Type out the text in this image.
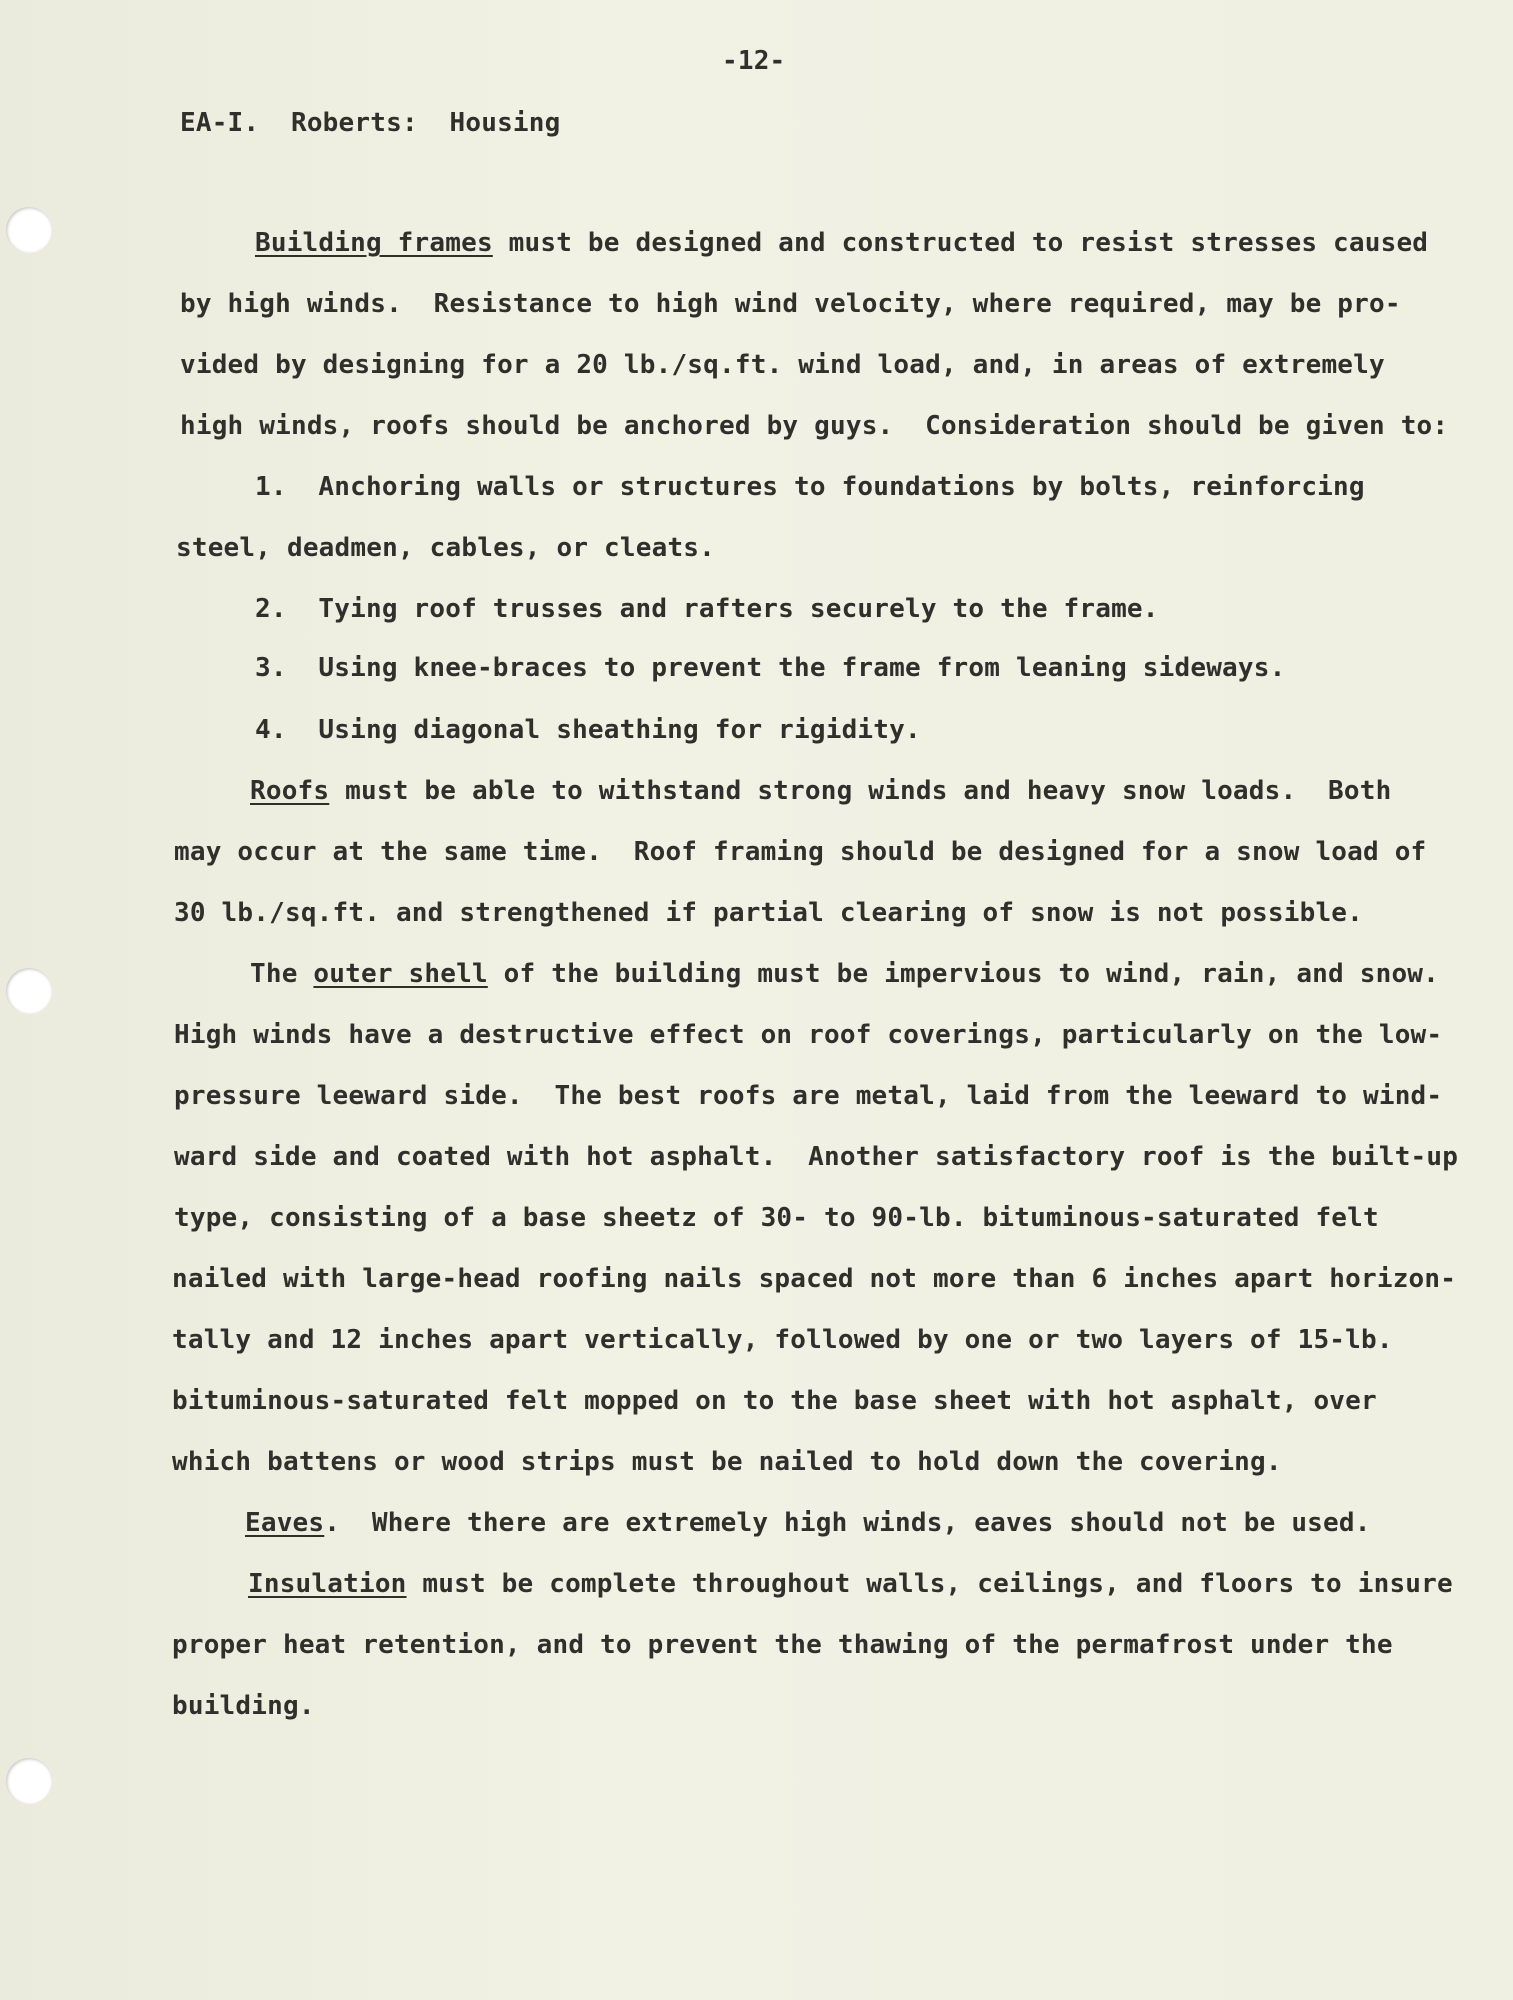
-12-
EA-I.  Roberts:  Housing
Building frames must be designed and constructed to resist stresses caused
by high winds.  Resistance to high wind velocity, where required, may be pro-
vided by designing for a 20 lb./sq.ft. wind load, and, in areas of extremely
high winds, roofs should be anchored by guys.  Consideration should be given to:
1.  Anchoring walls or structures to foundations by bolts, reinforcing
steel, deadmen, cables, or cleats.
2.  Tying roof trusses and rafters securely to the frame.
3.  Using knee-braces to prevent the frame from leaning sideways.
4.  Using diagonal sheathing for rigidity.
Roofs must be able to withstand strong winds and heavy snow loads.  Both
may occur at the same time.  Roof framing should be designed for a snow load of
30 lb./sq.ft. and strengthened if partial clearing of snow is not possible.
The outer shell of the building must be impervious to wind, rain, and snow.
High winds have a destructive effect on roof coverings, particularly on the low-
pressure leeward side.  The best roofs are metal, laid from the leeward to wind-
ward side and coated with hot asphalt.  Another satisfactory roof is the built-up
type, consisting of a base sheetz of 30- to 90-lb. bituminous-saturated felt
nailed with large-head roofing nails spaced not more than 6 inches apart horizon-
tally and 12 inches apart vertically, followed by one or two layers of 15-lb.
bituminous-saturated felt mopped on to the base sheet with hot asphalt, over
which battens or wood strips must be nailed to hold down the covering.
Eaves.  Where there are extremely high winds, eaves should not be used.
Insulation must be complete throughout walls, ceilings, and floors to insure
proper heat retention, and to prevent the thawing of the permafrost under the
building.
